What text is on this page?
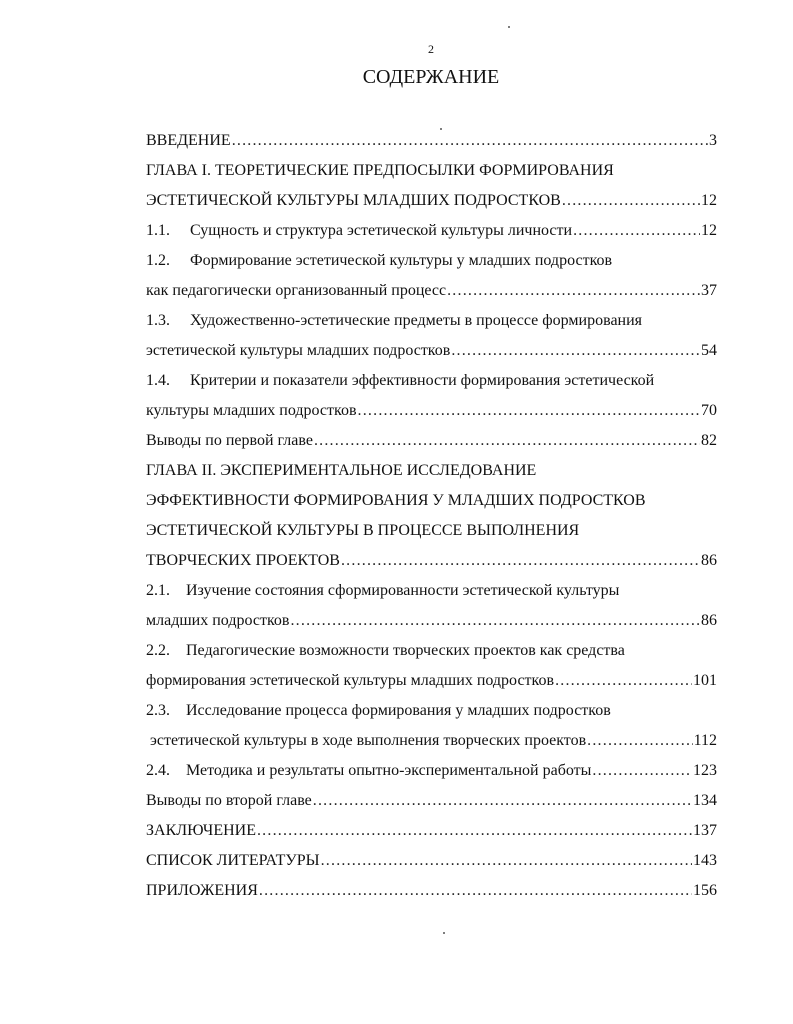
2
СОДЕРЖАНИЕ
ВВЕДЕНИЕ .....	3
ГЛАВА I. ТЕОРЕТИЧЕСКИЕ ПРЕДПОСЫЛКИ ФОРМИРОВАНИЯ
ЭСТЕТИЧЕСКОЙ КУЛЬТУРЫ МЛАДШИХ ПОДРОСТКОВ .....	12
1.1.	Сущность и структура эстетической культуры личности .....	12
1.2.	Формирование эстетической культуры у младших подростков
как педагогически организованный процесс .....	37
1.3.	Художественно-эстетические предметы в процессе формирования
эстетической культуры младших подростков .....	54
1.4.	Критерии и показатели эффективности формирования эстетической
культуры младших подростков .....	70
Выводы по первой главе .....	82
ГЛАВА II. ЭКСПЕРИМЕНТАЛЬНОЕ ИССЛЕДОВАНИЕ
ЭФФЕКТИВНОСТИ ФОРМИРОВАНИЯ У МЛАДШИХ ПОДРОСТКОВ
ЭСТЕТИЧЕСКОЙ КУЛЬТУРЫ В ПРОЦЕССЕ ВЫПОЛНЕНИЯ
ТВОРЧЕСКИХ ПРОЕКТОВ .....	86
2.1.	Изучение состояния сформированности эстетической культуры
младших подростков .....	86
2.2.	Педагогические возможности творческих проектов как средства
формирования эстетической культуры младших подростков .....	101
2.3.	Исследование процесса формирования у младших подростков
эстетической культуры в ходе выполнения творческих проектов .....	112
2.4.	Методика и результаты опытно-экспериментальной работы .....	123
Выводы по второй главе .....	134
ЗАКЛЮЧЕНИЕ .....	137
СПИСОК ЛИТЕРАТУРЫ .....	143
ПРИЛОЖЕНИЯ .....	156
